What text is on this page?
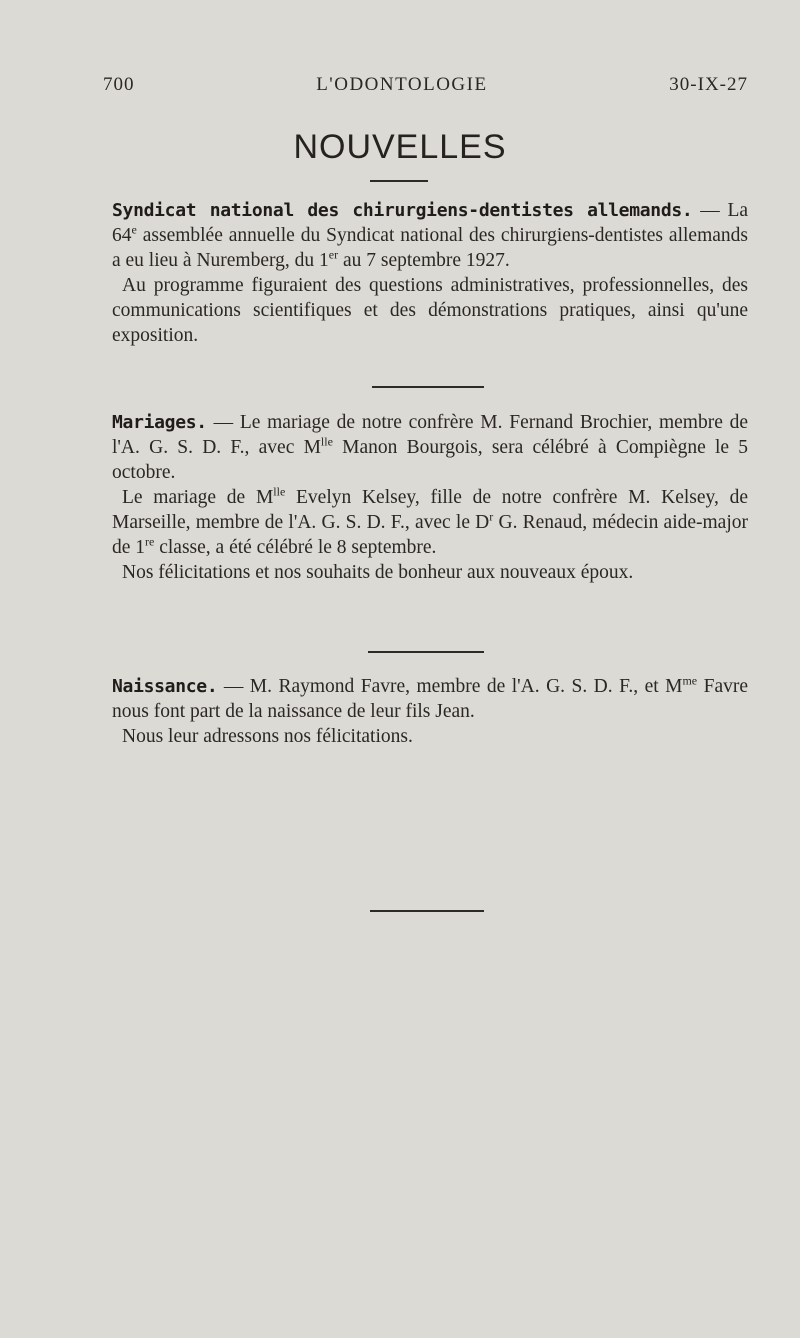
700	L'ODONTOLOGIE	30-IX-27
NOUVELLES

Syndicat national des chirurgiens-dentistes allemands. — La 64e assemblée annuelle du Syndicat national des chirurgiens-dentistes allemands a eu lieu à Nuremberg, du 1er au 7 septembre 1927.

Au programme figuraient des questions administratives, professionnelles, des communications scientifiques et des démonstrations pratiques, ainsi qu'une exposition.

Mariages. — Le mariage de notre confrère M. Fernand Brochier, membre de l'A. G. S. D. F., avec $M^{lle}$ Manon Bourgois, sera célébré à Compiègne le 5 octobre.

Le mariage de $M^{lle}$ Evelyn Kelsey, fille de notre confrère M. Kelsey, de Marseille, membre de l'A. G. S. D. F., avec le $D^r$ G. Renaud, médecin aide-major de 1re classe, a été célébré le 8 septembre.

Nos félicitations et nos souhaits de bonheur aux nouveaux époux.

Naissance. — M. Raymond Favre, membre de l'A. G. S. D. F., et $M^{me}$ Favre nous font part de la naissance de leur fils Jean.

Nous leur adressons nos félicitations.
